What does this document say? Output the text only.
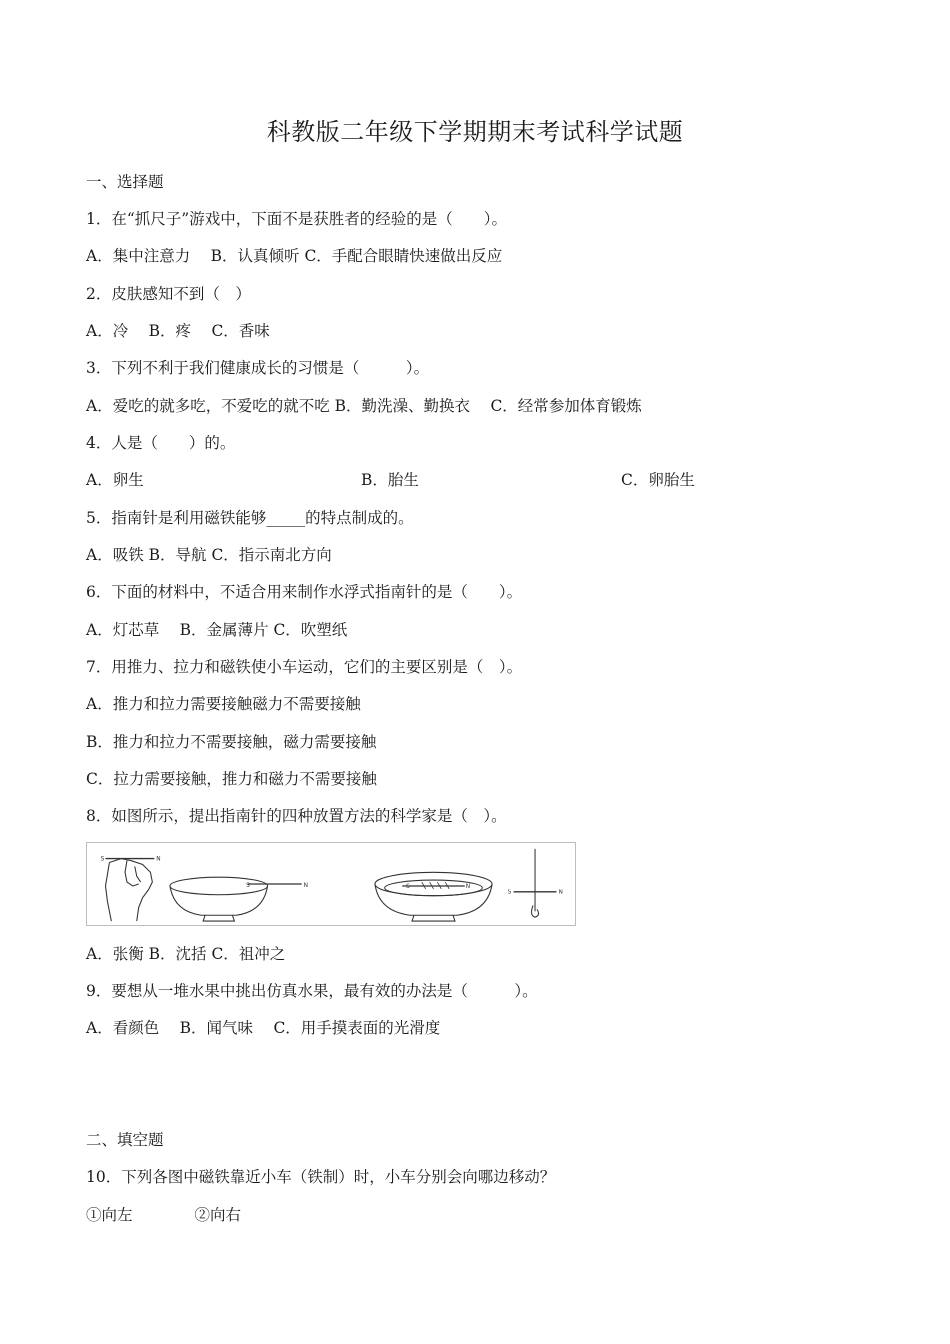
科教版二年级下学期期末考试科学试题
一、选择题
1．在“抓尺子”游戏中，下面不是获胜者的经验的是（　　）。
A．集中注意力　 B．认真倾听 C．手配合眼睛快速做出反应
2．皮肤感知不到（　）
A．冷　 B．疼　 C．香味
3．下列不利于我们健康成长的习惯是（　　　）。
A．爱吃的就多吃，不爱吃的就不吃 B．勤洗澡、勤换衣　 C．经常参加体育锻炼
4．人是（　　）的。
A．卵生	B．胎生	C．卵胎生
5．指南针是利用磁铁能够_____的特点制成的。
A．吸铁 B．导航 C．指示南北方向
6．下面的材料中，不适合用来制作水浮式指南针的是（　　）。
A．灯芯草　 B．金属薄片 C．吹塑纸
7．用推力、拉力和磁铁使小车运动，它们的主要区别是（　）。
A．推力和拉力需要接触磁力不需要接触
B．推力和拉力不需要接触，磁力需要接触
C．拉力需要接触，推力和磁力不需要接触
8．如图所示，提出指南针的四种放置方法的科学家是（　）。
S	N
S	N	S	N
S	N
A．张衡 B．沈括 C．祖冲之
9．要想从一堆水果中挑出仿真水果，最有效的办法是（　　　）。
A．看颜色　 B．闻气味　 C．用手摸表面的光滑度
二、填空题
10．下列各图中磁铁靠近小车（铁制）时，小车分别会向哪边移动？
①向左　　　　②向右
